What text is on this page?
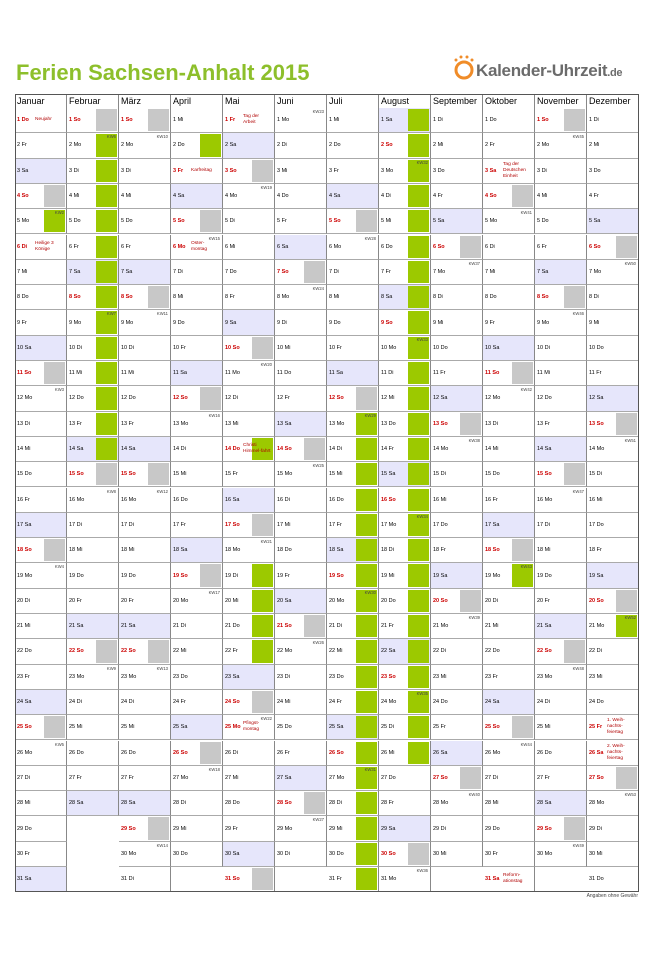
Ferien Sachsen-Anhalt 2015	Kalender-Uhrzeit.de
Januar
1 Do Neujahr
2 Fr
3 Sa
4 So
5 Mo
KW2
6 Di
Heilige 3 Könige
7 Mi
8 Do
9 Fr
10 Sa
11 So
12 Mo
KW3
13 Di
14 Mi
15 Do
16 Fr
17 Sa
18 So
19 Mo
KW4
20 Di
21 Mi
22 Do
23 Fr
24 Sa
25 So
26 Mo
KW5
27 Di
28 Mi
29 Do
30 Fr
31 Sa
Februar
1 So
2 Mo
KW6
3 Di
4 Mi
5 Do
6 Fr
7 Sa
8 So
9 Mo
KW7
10 Di
11 Mi
12 Do
13 Fr
14 Sa
15 So
16 Mo
KW8
17 Di
18 Mi
19 Do
20 Fr
21 Sa
22 So
23 Mo
KW9
24 Di
25 Mi
26 Do
27 Fr
28 Sa
März
1 So
2 Mo
KW10
3 Di
4 Mi
5 Do
6 Fr
7 Sa
8 So
9 Mo
KW11
10 Di
11 Mi
12 Do
13 Fr
14 Sa
15 So
16 Mo
KW12
17 Di
18 Mi
19 Do
20 Fr
21 Sa
22 So
23 Mo
KW13
24 Di
25 Mi
26 Do
27 Fr
28 Sa
29 So
30 Mo
KW14
31 Di
April
1 Mi
2 Do
3 Fr Karfreitag
4 Sa
5 So
6 Mo
Oster-montag
KW15
7 Di
8 Mi
9 Do
10 Fr
11 Sa
12 So
13 Mo
KW16
14 Di
15 Mi
16 Do
17 Fr
18 Sa
19 So
20 Mo
KW17
21 Di
22 Mi
23 Do
24 Fr
25 Sa
26 So
27 Mo
KW18
28 Di
29 Mi
30 Do
Mai
1 Fr
Tag der Arbeit
2 Sa
3 So
4 Mo
KW19
5 Di
6 Mi
7 Do
8 Fr
9 Sa
10 So
11 Mo
KW20
12 Di
13 Mi
14 Do
Christi Himmel-fahrt
15 Fr
16 Sa
17 So
18 Mo
KW21
19 Di
20 Mi
21 Do
22 Fr
23 Sa
24 So
25 Mo
Pfingst-montag
KW22
26 Di
27 Mi
28 Do
29 Fr
30 Sa
31 So
Juni
1 Mo
KW23
2 Di
3 Mi
4 Do
5 Fr
6 Sa
7 So
8 Mo
KW24
9 Di
10 Mi
11 Do
12 Fr
13 Sa
14 So
15 Mo
KW25
16 Di
17 Mi
18 Do
19 Fr
20 Sa
21 So
22 Mo
KW26
23 Di
24 Mi
25 Do
26 Fr
27 Sa
28 So
29 Mo
KW27
30 Di
Juli
1 Mi
2 Do
3 Fr
4 Sa
5 So
6 Mo
KW28
7 Di
8 Mi
9 Do
10 Fr
11 Sa
12 So
13 Mo
KW29
14 Di
15 Mi
16 Do
17 Fr
18 Sa
19 So
20 Mo
KW30
21 Di
22 Mi
23 Do
24 Fr
25 Sa
26 So
27 Mo
KW31
28 Di
29 Mi
30 Do
31 Fr
August
1 Sa
2 So
3 Mo
KW32
4 Di
5 Mi
6 Do
7 Fr
8 Sa
9 So
10 Mo
KW33
11 Di
12 Mi
13 Do
14 Fr
15 Sa
16 So
17 Mo
KW34
18 Di
19 Mi
20 Do
21 Fr
22 Sa
23 So
24 Mo
KW35
25 Di
26 Mi
27 Do
28 Fr
29 Sa
30 So
31 Mo
KW36
September
1 Di
2 Mi
3 Do
4 Fr
5 Sa
6 So
7 Mo
KW37
8 Di
9 Mi
10 Do
11 Fr
12 Sa
13 So
14 Mo
KW38
15 Di
16 Mi
17 Do
18 Fr
19 Sa
20 So
21 Mo
KW39
22 Di
23 Mi
24 Do
25 Fr
26 Sa
27 So
28 Mo
KW40
29 Di
30 Mi
Oktober
1 Do
2 Fr
3 Sa
Tag der Deutschen Einheit
4 So
5 Mo
KW41
6 Di
7 Mi
8 Do
9 Fr
10 Sa
11 So
12 Mo
KW42
13 Di
14 Mi
15 Do
16 Fr
17 Sa
18 So
19 Mo
KW43
20 Di
21 Mi
22 Do
23 Fr
24 Sa
25 So
26 Mo
KW44
27 Di
28 Mi
29 Do
30 Fr
31 Sa
Reform-ationstag
November
1 So
2 Mo
KW45
3 Di
4 Mi
5 Do
6 Fr
7 Sa
8 So
9 Mo
KW46
10 Di
11 Mi
12 Do
13 Fr
14 Sa
15 So
16 Mo
KW47
17 Di
18 Mi
19 Do
20 Fr
21 Sa
22 So
23 Mo
KW48
24 Di
25 Mi
26 Do
27 Fr
28 Sa
29 So
30 Mo
KW49
Dezember
1 Di
2 Mi
3 Do
4 Fr
5 Sa
6 So
7 Mo
KW50
8 Di
9 Mi
10 Do
11 Fr
12 Sa
13 So
14 Mo
KW51
15 Di
16 Mi
17 Do
18 Fr
19 Sa
20 So
21 Mo
KW52
22 Di
23 Mi
24 Do
25 Fr
1. Weih-nachts-feiertag
26 Sa
2. Weih-nachts-feiertag
27 So
28 Mo
KW53
29 Di
30 Mi
31 Do
Angaben ohne Gewähr
